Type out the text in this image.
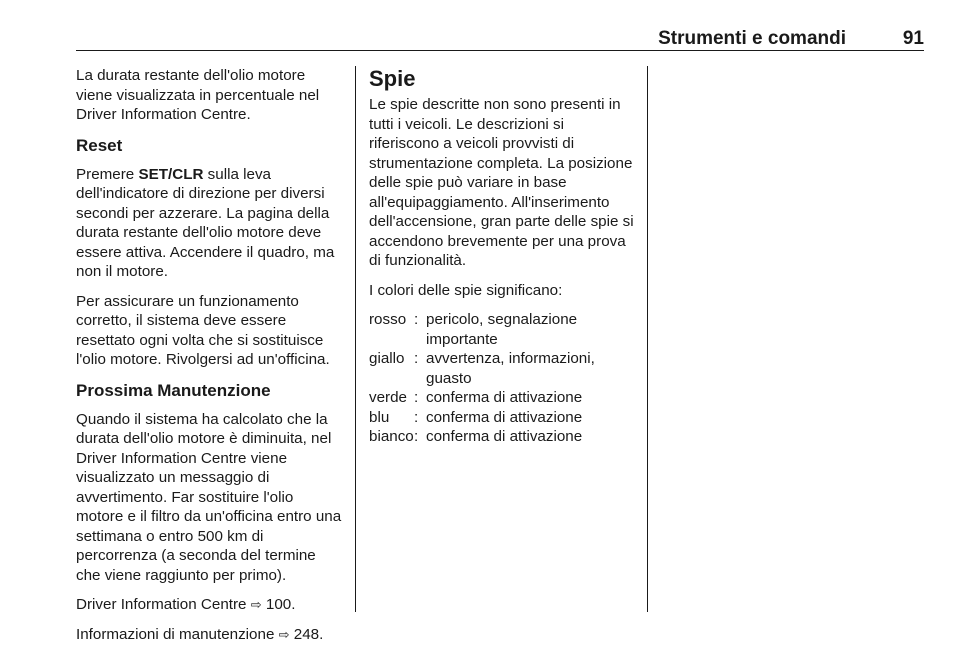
Strumenti e comandi	91

La durata restante dell'olio motore viene visualizzata in percentuale nel Driver Information Centre.

Reset

Premere SET/CLR sulla leva dell'indicatore di direzione per diversi secondi per azzerare. La pagina della durata restante dell'olio motore deve essere attiva. Accendere il quadro, ma non il motore.

Per assicurare un funzionamento corretto, il sistema deve essere resettato ogni volta che si sostituisce l'olio motore. Rivolgersi ad un'officina.

Prossima Manutenzione

Quando il sistema ha calcolato che la durata dell'olio motore è diminuita, nel Driver Information Centre viene visualizzato un messaggio di avvertimento. Far sostituire l'olio motore e il filtro da un'officina entro una settimana o entro 500 km di percorrenza (a seconda del termine che viene raggiunto per primo).

Driver Information Centre ⇨ 100.

Informazioni di manutenzione ⇨ 248.

Spie

Le spie descritte non sono presenti in tutti i veicoli. Le descrizioni si riferiscono a veicoli provvisti di strumentazione completa. La posizione delle spie può variare in base all'equipaggiamento. All'inserimento dell'accensione, gran parte delle spie si accendono brevemente per una prova di funzionalità.

I colori delle spie significano:

rosso : pericolo, segnalazione importante
giallo : avvertenza, informazioni, guasto
verde : conferma di attivazione
blu	: conferma di attivazione
bianco : conferma di attivazione
